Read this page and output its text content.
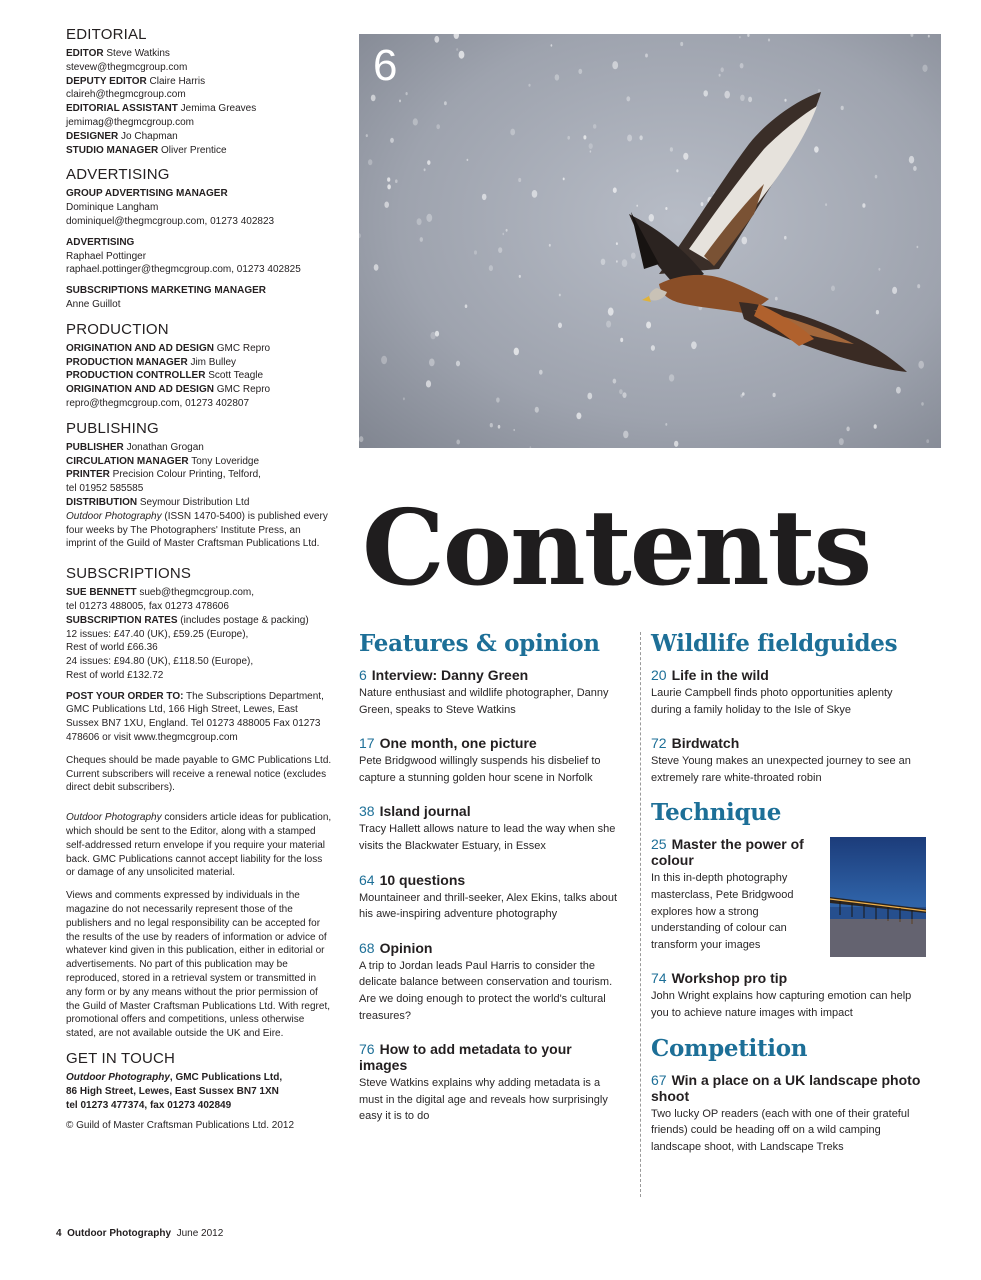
EDITORIAL

EDITOR Steve Watkins

stevew@thegmcgroup.com

DEPUTY EDITOR Claire Harris

claireh@thegmcgroup.com

EDITORIAL ASSISTANT Jemima Greaves

jemimag@thegmcgroup.com

DESIGNER Jo Chapman

STUDIO MANAGER Oliver Prentice

ADVERTISING

GROUP ADVERTISING MANAGER

Dominique Langham

dominiquel@thegmcgroup.com, 01273 402823

ADVERTISING

Raphael Pottinger

raphael.pottinger@thegmcgroup.com, 01273 402825

SUBSCRIPTIONS MARKETING MANAGER

Anne Guillot

PRODUCTION

ORIGINATION AND AD DESIGN GMC Repro

PRODUCTION MANAGER Jim Bulley

PRODUCTION CONTROLLER Scott Teagle

ORIGINATION AND AD DESIGN GMC Repro

repro@thegmcgroup.com, 01273 402807

PUBLISHING

PUBLISHER Jonathan Grogan

CIRCULATION MANAGER Tony Loveridge

PRINTER Precision Colour Printing, Telford,

tel 01952 585585

DISTRIBUTION Seymour Distribution Ltd

Outdoor Photography (ISSN 1470-5400) is published every four weeks by The Photographers' Institute Press, an imprint of the Guild of Master Craftsman Publications Ltd.

SUBSCRIPTIONS

SUE BENNETT sueb@thegmcgroup.com,

tel 01273 488005, fax 01273 478606

SUBSCRIPTION RATES (includes postage & packing)

12 issues: £47.40 (UK), £59.25 (Europe),

Rest of world £66.36

24 issues: £94.80 (UK), £118.50 (Europe),

Rest of world £132.72

POST YOUR ORDER TO: The Subscriptions Department, GMC Publications Ltd, 166 High Street, Lewes, East Sussex BN7 1XU, England. Tel 01273 488005 Fax 01273 478606 or visit www.thegmcgroup.com

Cheques should be made payable to GMC Publications Ltd. Current subscribers will receive a renewal notice (excludes direct debit subscribers).

Outdoor Photography considers article ideas for publication, which should be sent to the Editor, along with a stamped self-addressed return envelope if you require your material back. GMC Publications cannot accept liability for the loss or damage of any unsolicited material.

Views and comments expressed by individuals in the magazine do not necessarily represent those of the publishers and no legal responsibility can be accepted for the results of the use by readers of information or advice of whatever kind given in this publication, either in editorial or advertisements. No part of this publication may be reproduced, stored in a retrieval system or transmitted in any form or by any means without the prior permission of the Guild of Master Craftsman Publications Ltd. With regret, promotional offers and competitions, unless otherwise stated, are not available outside the UK and Eire.

GET IN TOUCH

Outdoor Photography, GMC Publications Ltd,

86 High Street, Lewes, East Sussex BN7 1XN

tel 01273 477374, fax 01273 402849

© Guild of Master Craftsman Publications Ltd. 2012

6
Contents
Features & opinion

6 Interview: Danny Green

Nature enthusiast and wildlife photographer, Danny Green, speaks to Steve Watkins

17 One month, one picture

Pete Bridgwood willingly suspends his disbelief to capture a stunning golden hour scene in Norfolk

38 Island journal

Tracy Hallett allows nature to lead the way when she visits the Blackwater Estuary, in Essex

64 10 questions

Mountaineer and thrill-seeker, Alex Ekins, talks about his awe-inspiring adventure photography

68 Opinion

A trip to Jordan leads Paul Harris to consider the delicate balance between conservation and tourism. Are we doing enough to protect the world's cultural treasures?

76 How to add metadata to your images

Steve Watkins explains why adding metadata is a must in the digital age and reveals how surprisingly easy it is to do

Wildlife fieldguides

20 Life in the wild

Laurie Campbell finds photo opportunities aplenty during a family holiday to the Isle of Skye

72 Birdwatch

Steve Young makes an unexpected journey to see an extremely rare white-throated robin

Technique

25 Master the power of colour

In this in-depth photography masterclass, Pete Bridgwood explores how a strong understanding of colour can transform your images

74 Workshop pro tip

John Wright explains how capturing emotion can help you to achieve nature images with impact

Competition

67 Win a place on a UK landscape photo shoot

Two lucky OP readers (each with one of their grateful friends) could be heading off on a wild camping landscape shoot, with Landscape Treks

4 Outdoor Photography June 2012
